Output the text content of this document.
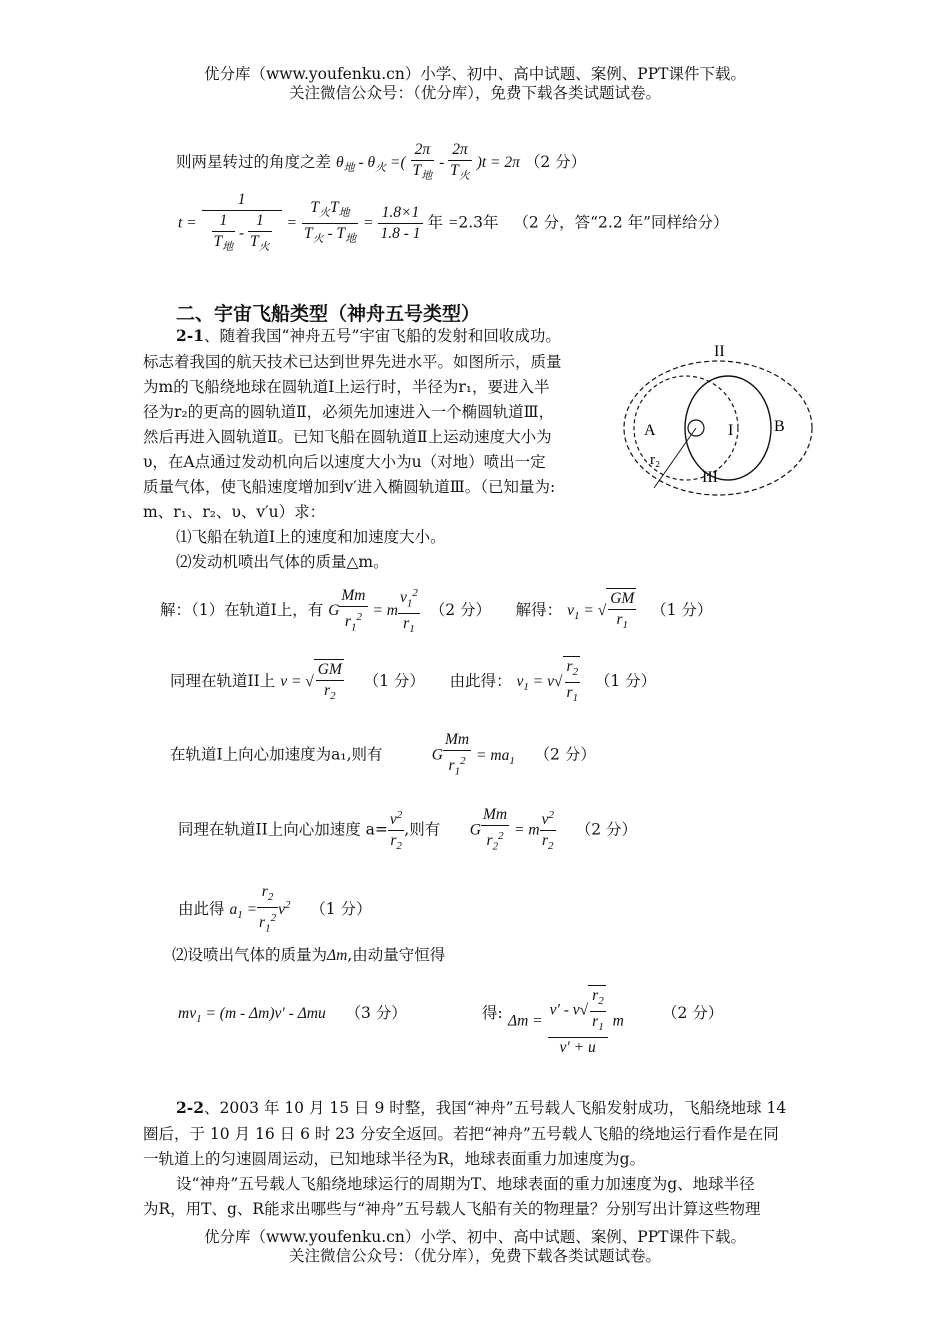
优分库（www.youfenku.cn）小学、初中、高中试题、案例、PPT课件下载。
关注微信公众号：（优分库），免费下载各类试题试卷。
则两星转过的角度之差 $\theta_地 - \theta_火$ =( $\frac{2\pi}{T_地} - \frac{2\pi}{T_火} )t = 2\pi$ （2 分）
$t = \frac{1}{\frac{1}{T_地} - \frac{1}{T_火}} = \frac{T_火T_地}{T_火 - T_地} = \frac{1.8\times 1}{1.8 - 1}$ 年 =2.3年 （2 分，答“2.2 年”同样给分）
二、宇宙飞船类型（神舟五号类型）
2-1、随着我国“神舟五号”宇宙飞船的发射和回收成功。
标志着我国的航天技术已达到世界先进水平。如图所示，质量
为m的飞船绕地球在圆轨道Ⅰ上运行时，半径为r₁，要进入半
径为r₂的更高的圆轨道Ⅱ，必须先加速进入一个椭圆轨道Ⅲ，
然后再进入圆轨道Ⅱ。已知飞船在圆轨道Ⅱ上运动速度大小为
υ，在A点通过发动机向后以速度大小为u（对地）喷出一定
质量气体，使飞船速度增加到v′进入椭圆轨道Ⅲ。（已知量为:
m、r₁、r₂、υ、v′u）求：
⑴飞船在轨道Ⅰ上的速度和加速度大小。
⑵发动机喷出气体的质量△m。
II
A	I	B
r₂
III
解：（1）在轨道Ⅰ上，有 G $\frac{Mm}{r_1^2} = m \frac{v_1^2}{r_1} (2$ 分） 解得： $v_1$ = √ $\frac{GM}{r_1} (1$ 分）
同理在轨道II上 v = √ $\frac{GM}{r_2} (1$ 分） 由此得： $v_1 = v√ \frac{r_2}{r_1} (1$ 分）
在轨道Ⅰ上向心加速度为a₁,则有	G $\frac{Mm}{r_1^2} = ma_1$ （2 分）
同理在轨道II上向心加速度 $a= \frac{v^2}{r_2}$ ,则有 G $\frac{Mm}{r_2^2} = m \frac{v^2}{r_2} (2$ 分）
由此得 $a_1 = \frac{r_2}{r_1^2} v^2$ （1 分）
⑵设喷出气体的质量为Δm,由动量守恒得
$mv_1 = (m - \Delta m)v' - \Delta mu$ （3 分）	得: $\Delta m = \frac{v' - v√ \frac{r_2}{r_1}}{v' + u}$ m （2 分）
2-2、2003 年 10 月 15 日 9 时整，我国“神舟”五号载人飞船发射成功，飞船绕地球 14
圈后，于 10 月 16 日 6 时 23 分安全返回。若把“神舟”五号载人飞船的绕地运行看作是在同
一轨道上的匀速圆周运动，已知地球半径为R，地球表面重力加速度为g。
设“神舟”五号载人飞船绕地球运行的周期为T、地球表面的重力加速度为g、地球半径
为R，用T、g、R能求出哪些与“神舟”五号载人飞船有关的物理量？分别写出计算这些物理
优分库（www.youfenku.cn）小学、初中、高中试题、案例、PPT课件下载。
关注微信公众号：（优分库），免费下载各类试题试卷。
